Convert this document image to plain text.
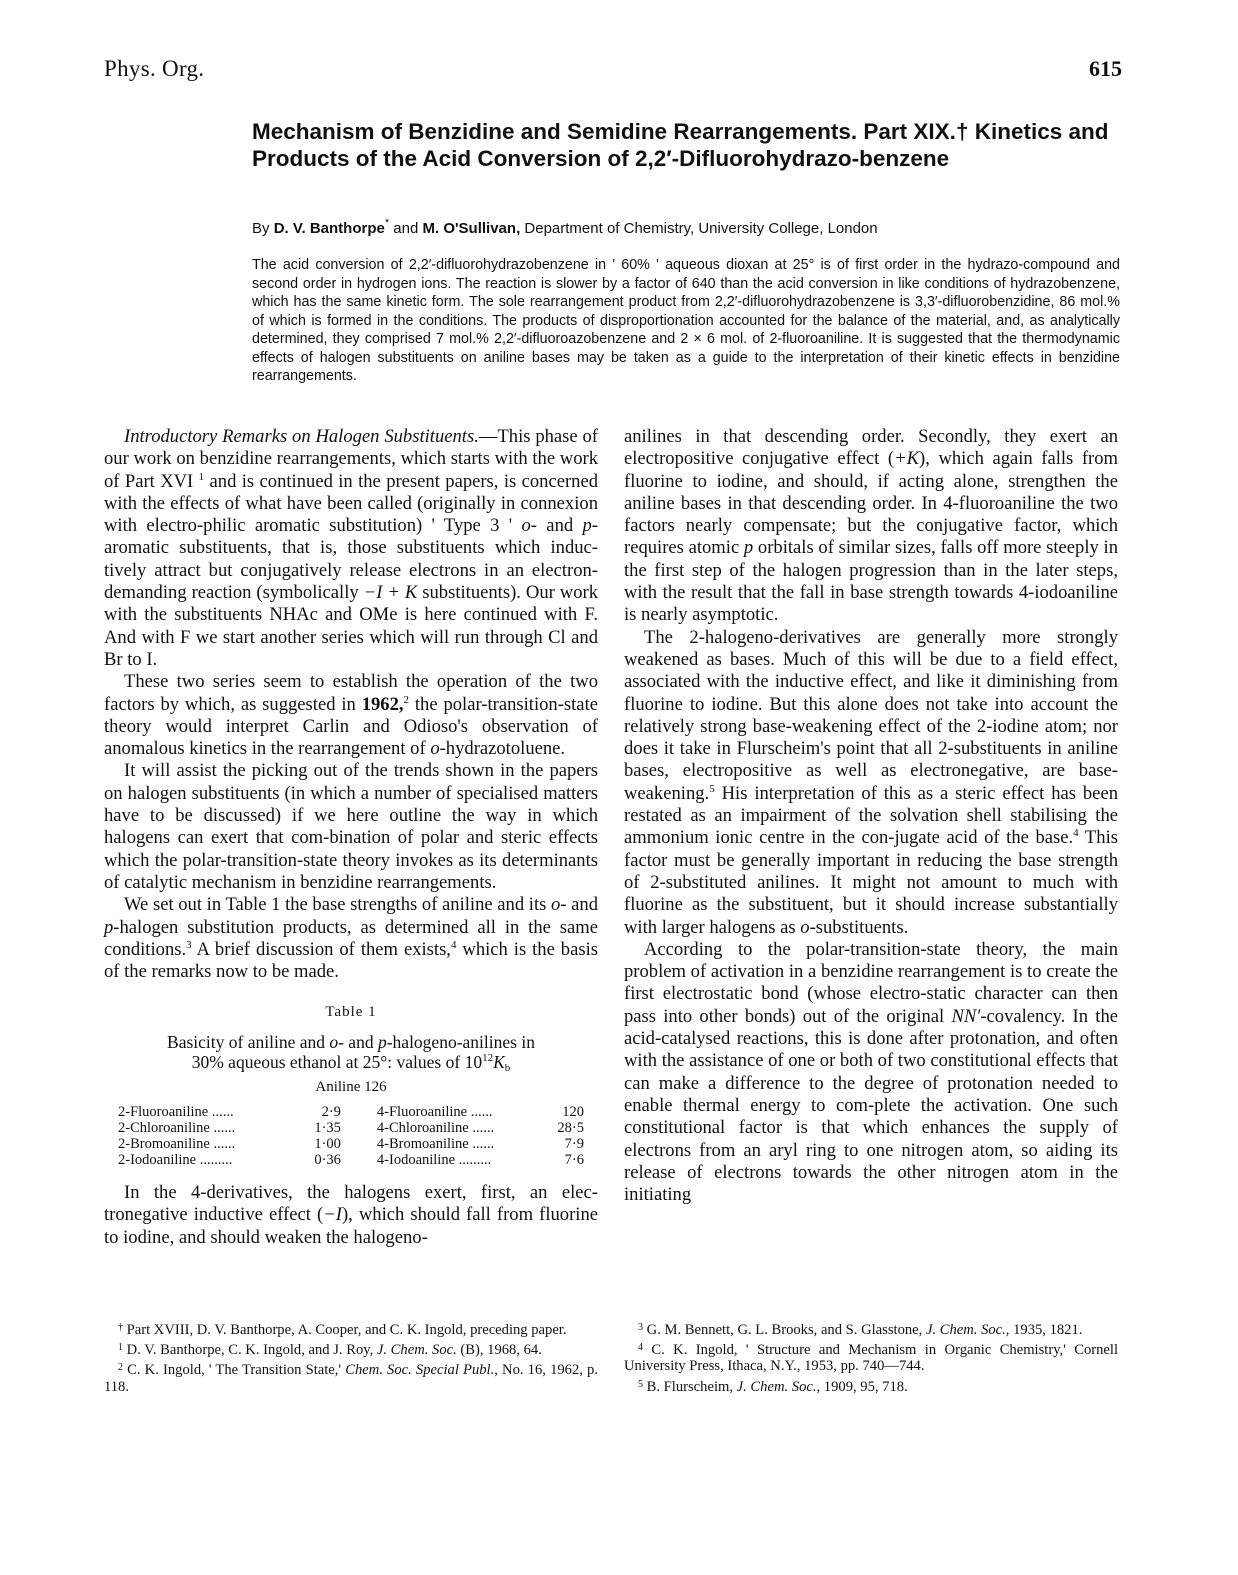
Phys. Org.	615
Mechanism of Benzidine and Semidine Rearrangements. Part XIX.† Kinetics and Products of the Acid Conversion of 2,2′-Difluorohydrazo-benzene
By D. V. Banthorpe* and M. O'Sullivan, Department of Chemistry, University College, London
The acid conversion of 2,2′-difluorohydrazobenzene in ' 60% ' aqueous dioxan at 25° is of first order in the hydrazo-compound and second order in hydrogen ions. The reaction is slower by a factor of 640 than the acid conversion in like conditions of hydrazobenzene, which has the same kinetic form. The sole rearrangement product from 2,2′-difluorohydrazobenzene is 3,3′-difluorobenzidine, 86 mol.% of which is formed in the conditions. The products of disproportionation accounted for the balance of the material, and, as analytically determined, they comprised 7 mol.% 2,2′-difluoroazobenzene and 2 × 6 mol. of 2-fluoroaniline. It is suggested that the thermodynamic effects of halogen substituents on aniline bases may be taken as a guide to the interpretation of their kinetic effects in benzidine rearrangements.

Introductory Remarks on Halogen Substituents.—This phase of our work on benzidine rearrangements, which starts with the work of Part XVI $^1$ and is continued in the present papers, is concerned with the effects of what have been called (originally in connexion with electro-philic aromatic substitution) ' Type 3 ' o- and p-aromatic substituents, that is, those substituents which induc-tively attract but conjugatively release electrons in an electron-demanding reaction (symbolically −I + K substituents). Our work with the substituents NHAc and OMe is here continued with F. And with F we start another series which will run through Cl and Br to I.

These two series seem to establish the operation of the two factors by which, as suggested in 1962,$^2$ the polar-transition-state theory would interpret Carlin and Odioso's observation of anomalous kinetics in the rearrangement of o-hydrazotoluene.

It will assist the picking out of the trends shown in the papers on halogen substituents (in which a number of specialised matters have to be discussed) if we here outline the way in which halogens can exert that com-bination of polar and steric effects which the polar-transition-state theory invokes as its determinants of catalytic mechanism in benzidine rearrangements.

We set out in Table 1 the base strengths of aniline and its o- and p-halogen substitution products, as determined all in the same conditions.$^3$ A brief discussion of them exists,$^4$ which is the basis of the remarks now to be made.

Table 1
Basicity of aniline and o- and p-halogeno-anilines in
30% aqueous ethanol at 25°: values of $10^{12}K_b$
Aniline 126
2-Fluoroaniline ......	2·9	4-Fluoroaniline ......	120
2-Chloroaniline ......	1·35	4-Chloroaniline ......	28·5
2-Bromoaniline ......	1·00	4-Bromoaniline ......	7·9
2-Iodoaniline .........	0·36	4-Iodoaniline .........	7·6

In the 4-derivatives, the halogens exert, first, an elec-tronegative inductive effect (−I), which should fall from fluorine to iodine, and should weaken the halogeno-

anilines in that descending order. Secondly, they exert an electropositive conjugative effect (+K), which again falls from fluorine to iodine, and should, if acting alone, strengthen the aniline bases in that descending order. In 4-fluoroaniline the two factors nearly compensate; but the conjugative factor, which requires atomic p orbitals of similar sizes, falls off more steeply in the first step of the halogen progression than in the later steps, with the result that the fall in base strength towards 4-iodoaniline is nearly asymptotic.

The 2-halogeno-derivatives are generally more strongly weakened as bases. Much of this will be due to a field effect, associated with the inductive effect, and like it diminishing from fluorine to iodine. But this alone does not take into account the relatively strong base-weakening effect of the 2-iodine atom; nor does it take in Flurscheim's point that all 2-substituents in aniline bases, electropositive as well as electronegative, are base-weakening.$^5$ His interpretation of this as a steric effect has been restated as an impairment of the solvation shell stabilising the ammonium ionic centre in the con-jugate acid of the base.$^4$ This factor must be generally important in reducing the base strength of 2-substituted anilines. It might not amount to much with fluorine as the substituent, but it should increase substantially with larger halogens as o-substituents.

According to the polar-transition-state theory, the main problem of activation in a benzidine rearrangement is to create the first electrostatic bond (whose electro-static character can then pass into other bonds) out of the original NN′-covalency. In the acid-catalysed reactions, this is done after protonation, and often with the assistance of one or both of two constitutional effects that can make a difference to the degree of protonation needed to enable thermal energy to com-plete the activation. One such constitutional factor is that which enhances the supply of electrons from an aryl ring to one nitrogen atom, so aiding its release of electrons towards the other nitrogen atom in the initiating

† Part XVIII, D. V. Banthorpe, A. Cooper, and C. K. Ingold, preceding paper.

$^1$ D. V. Banthorpe, C. K. Ingold, and J. Roy, J. Chem. Soc. (B), 1968, 64.

$^2$ C. K. Ingold, ' The Transition State,' Chem. Soc. Special Publ., No. 16, 1962, p. 118.

$^3$ G. M. Bennett, G. L. Brooks, and S. Glasstone, J. Chem. Soc., 1935, 1821.

$^4$ C. K. Ingold, ' Structure and Mechanism in Organic Chemistry,' Cornell University Press, Ithaca, N.Y., 1953, pp. 740—744.

$^5$ B. Flurscheim, J. Chem. Soc., 1909, 95, 718.
